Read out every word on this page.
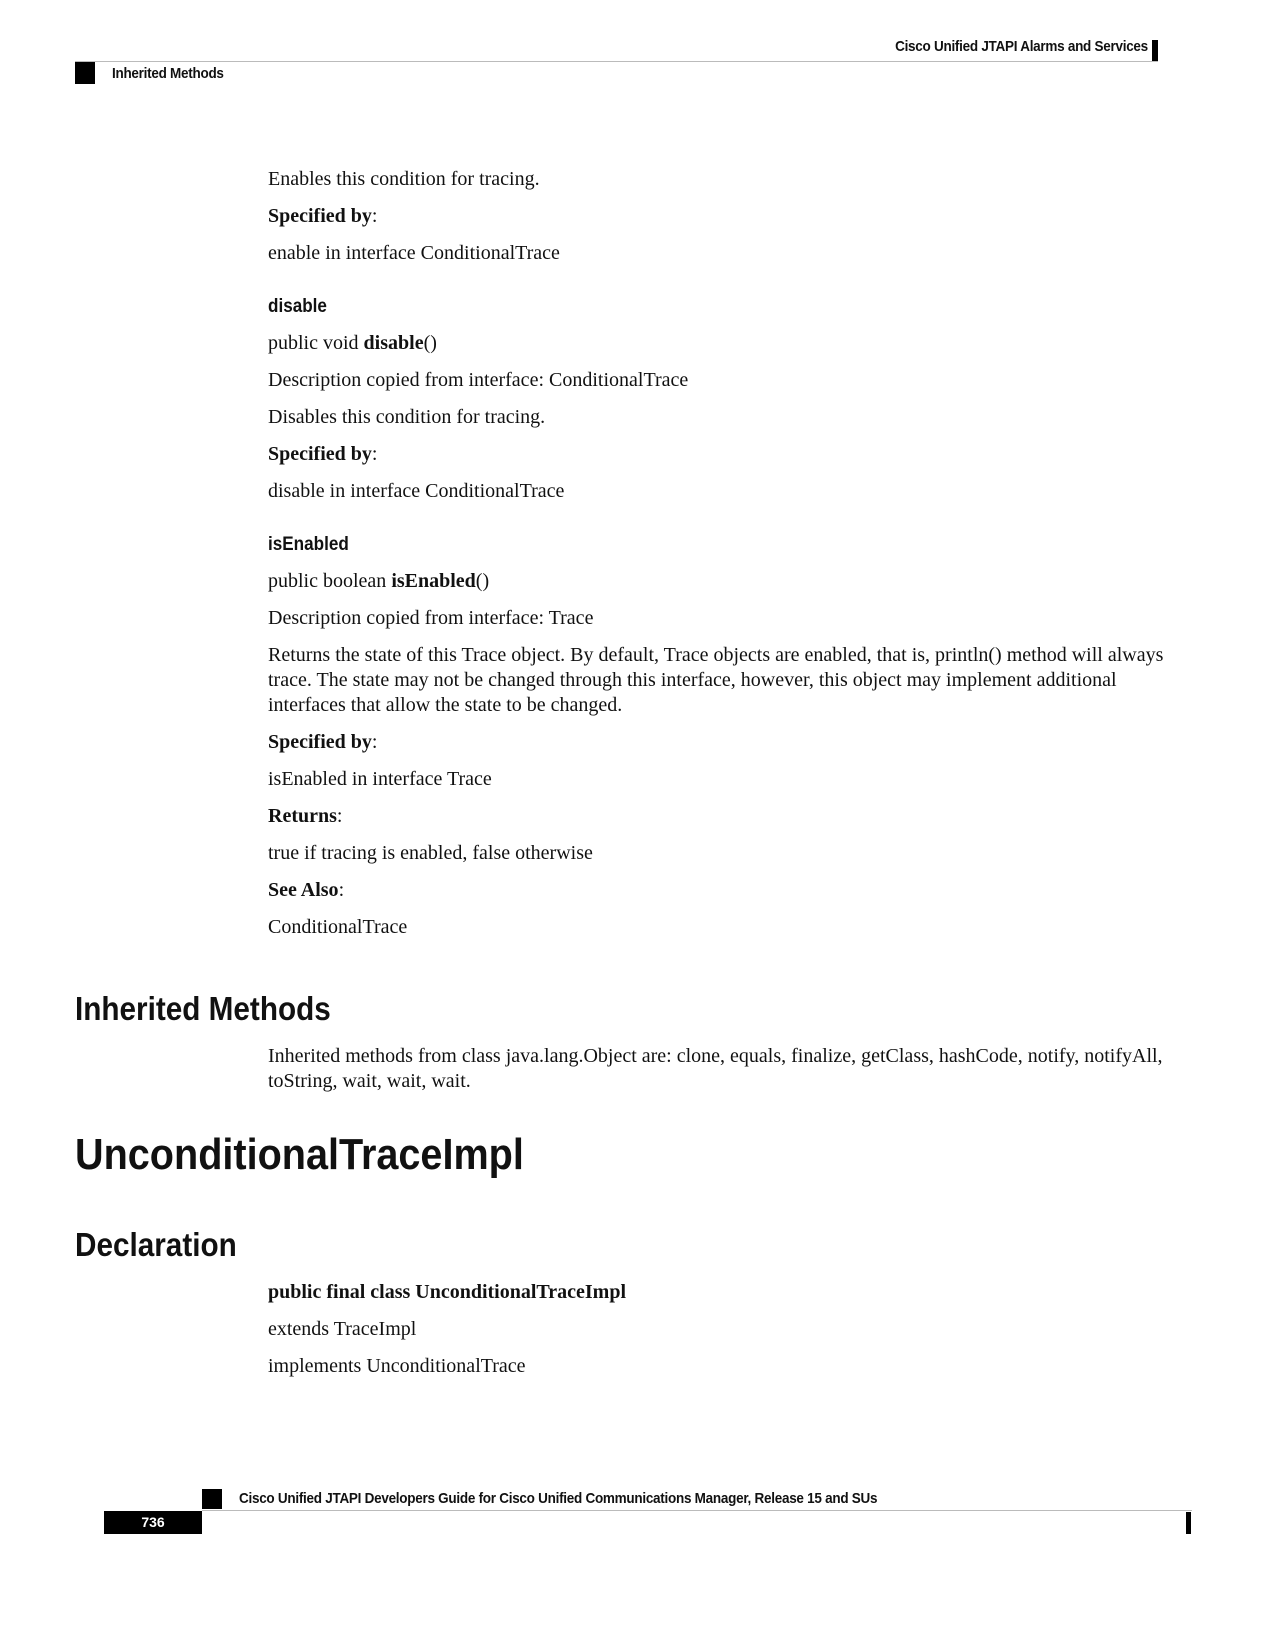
Cisco Unified JTAPI Alarms and Services
Inherited Methods

Enables this condition for tracing.

Specified by:

enable in interface ConditionalTrace

disable

public void disable()

Description copied from interface: ConditionalTrace

Disables this condition for tracing.

Specified by:

disable in interface ConditionalTrace

isEnabled

public boolean isEnabled()

Description copied from interface: Trace

Returns the state of this Trace object. By default, Trace objects are enabled, that is, println() method will always trace. The state may not be changed through this interface, however, this object may implement additional interfaces that allow the state to be changed.

Specified by:

isEnabled in interface Trace

Returns:

true if tracing is enabled, false otherwise

See Also:

ConditionalTrace

Inherited Methods

Inherited methods from class java.lang.Object are: clone, equals, finalize, getClass, hashCode, notify, notifyAll, toString, wait, wait, wait.

UnconditionalTraceImpl
Declaration

public final class UnconditionalTraceImpl

extends TraceImpl

implements UnconditionalTrace

Cisco Unified JTAPI Developers Guide for Cisco Unified Communications Manager, Release 15 and SUs
736
